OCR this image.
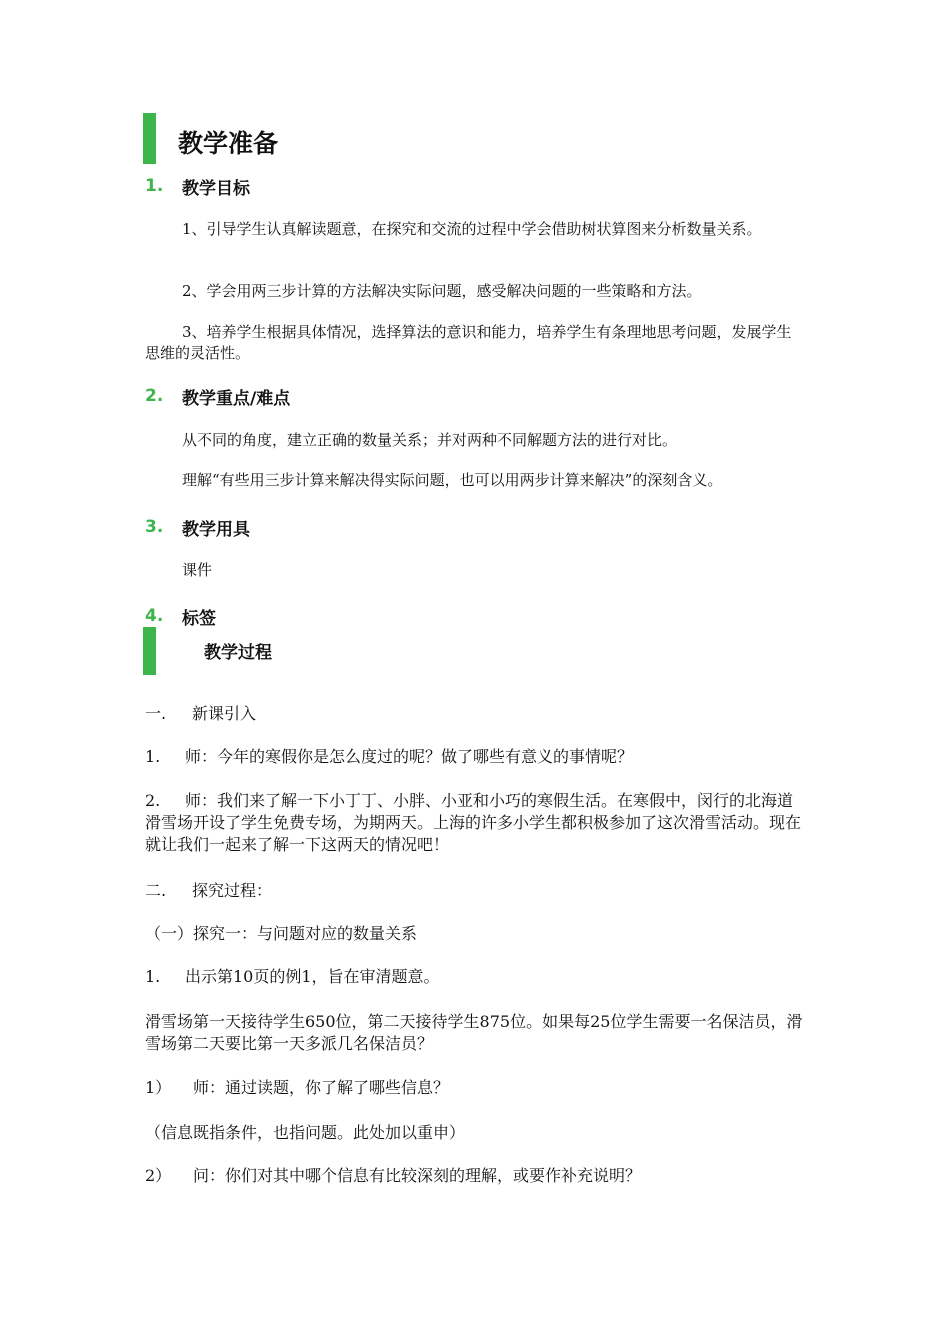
教学准备
1.	教学目标

1、引导学生认真解读题意，在探究和交流的过程中学会借助树状算图来分析数量关系。

2、学会用两三步计算的方法解决实际问题，感受解决问题的一些策略和方法。

3、培养学生根据具体情况，选择算法的意识和能力，培养学生有条理地思考问题，发展学生思维的灵活性。

2.	教学重点/难点

从不同的角度，建立正确的数量关系；并对两种不同解题方法的进行对比。

理解“有些用三步计算来解决得实际问题，也可以用两步计算来解决”的深刻含义。

3.	教学用具

课件

4.	标签
教学过程

一. 新课引入

1. 师：今年的寒假你是怎么度过的呢？做了哪些有意义的事情呢？

2. 师：我们来了解一下小丁丁、小胖、小亚和小巧的寒假生活。在寒假中，闵行的北海道滑雪场开设了学生免费专场，为期两天。上海的许多小学生都积极参加了这次滑雪活动。现在就让我们一起来了解一下这两天的情况吧！

二. 探究过程：

（一）探究一：与问题对应的数量关系

1. 出示第10页的例1，旨在审清题意。

滑雪场第一天接待学生650位，第二天接待学生875位。如果每25位学生需要一名保洁员，滑雪场第二天要比第一天多派几名保洁员？

1） 师：通过读题，你了解了哪些信息？

（信息既指条件，也指问题。此处加以重申）

2） 问：你们对其中哪个信息有比较深刻的理解，或要作补充说明？
